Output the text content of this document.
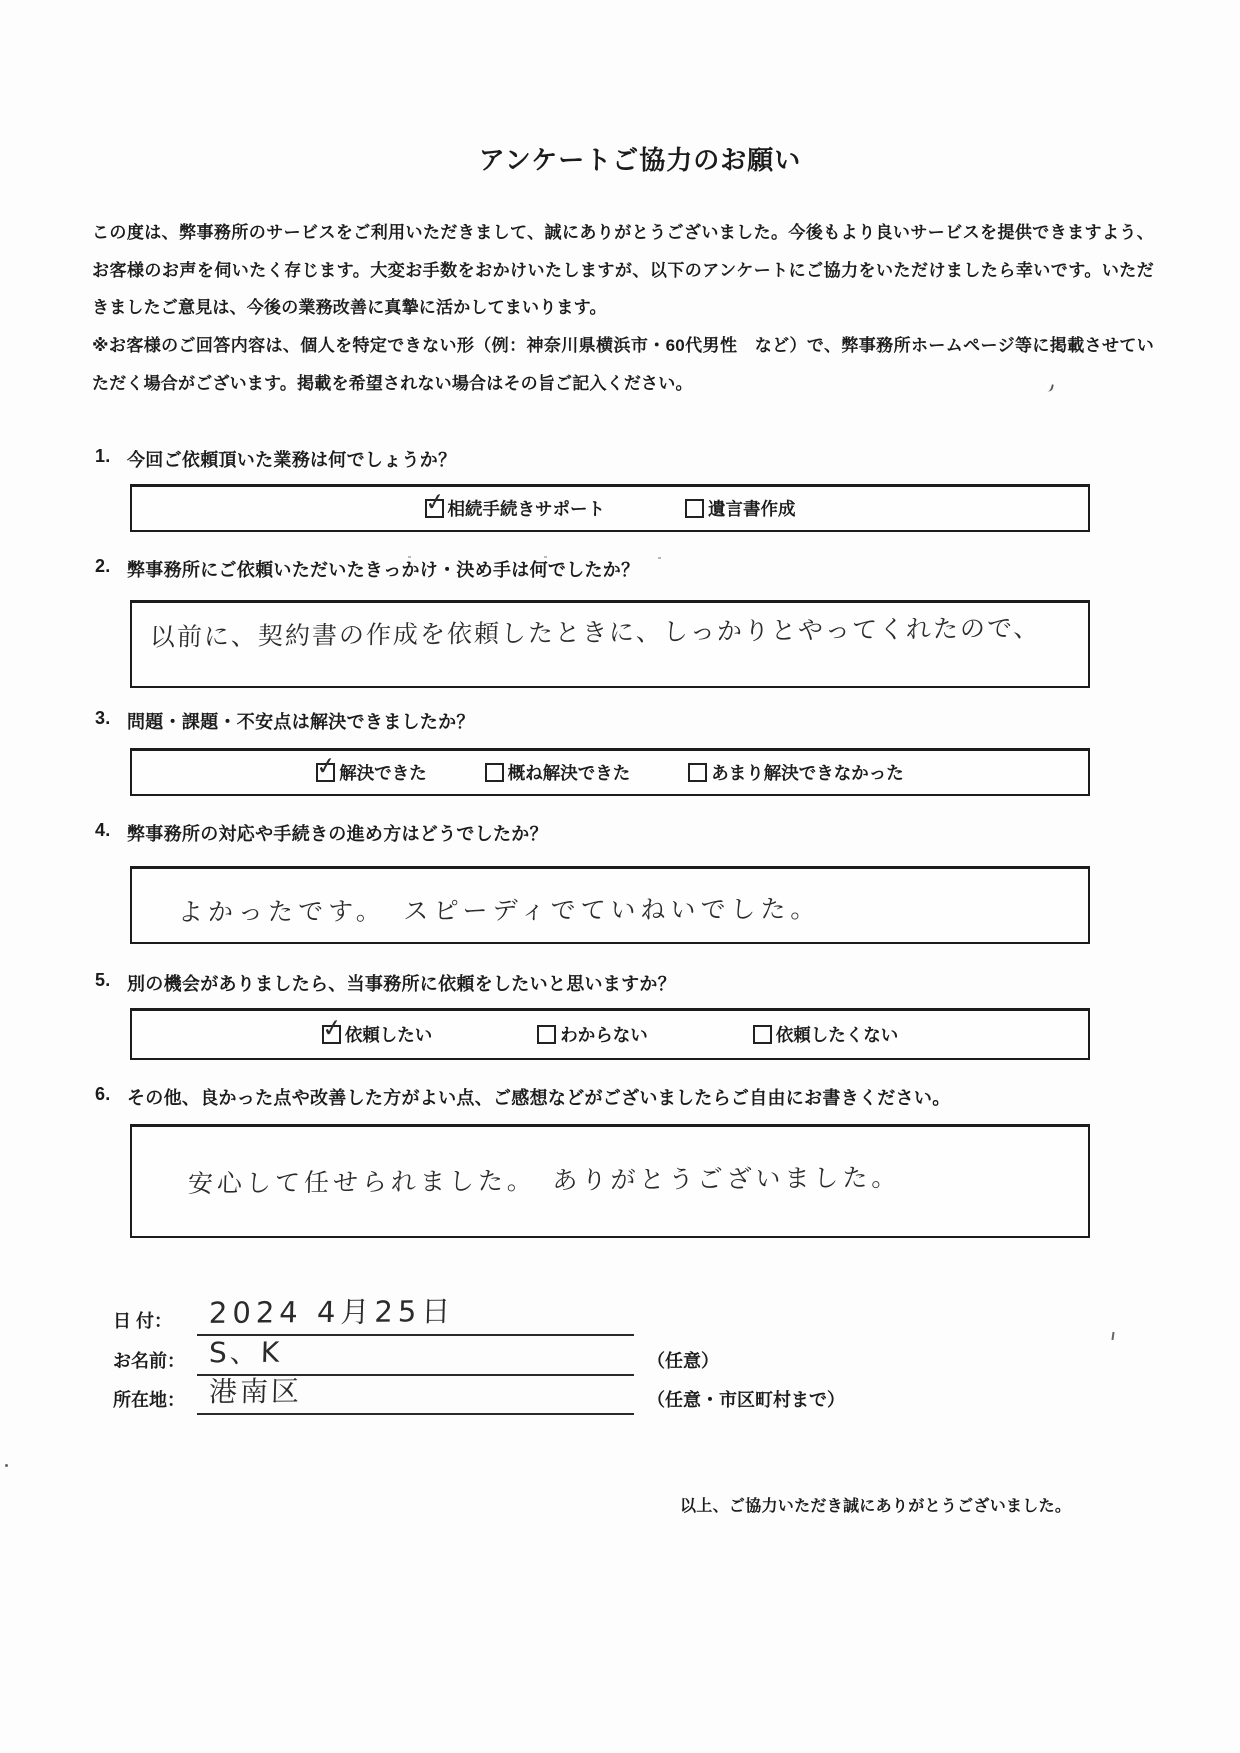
アンケートご協力のお願い
この度は、弊事務所のサービスをご利用いただきまして、誠にありがとうございました。今後もより良いサービスを提供できますよう、お客様のお声を伺いたく存じます。大変お手数をおかけいたしますが、以下のアンケートにご協力をいただけましたら幸いです。いただきましたご意見は、今後の業務改善に真摯に活かしてまいります。
※お客様のご回答内容は、個人を特定できない形（例：神奈川県横浜市・60代男性　など）で、弊事務所ホームページ等に掲載させていただく場合がございます。掲載を希望されない場合はその旨ご記入ください。
1. 今回ご依頼頂いた業務は何でしょうか？
✓ 相続手続きサポート	遺言書作成
2. 弊事務所にご依頼いただいたきっかけ・決め手は何でしたか？
以前に、契約書の作成を依頼したときに、しっかりとやってくれたので、
3. 問題・課題・不安点は解決できましたか？
✓ 解決できた	概ね解決できた	あまり解決できなかった
4. 弊事務所の対応や手続きの進め方はどうでしたか？
よかったです。　スピーディでていねいでした。
5. 別の機会がありましたら、当事務所に依頼をしたいと思いますか？
✓ 依頼したい	わからない	依頼したくない
6. その他、良かった点や改善した方がよい点、ご感想などがございましたらご自由にお書きください。
安心して任せられました。　ありがとうございました。
日 付：	2024 4月25日
お名前： S、K	（任意）
所在地： 港南区	（任意・市区町村まで）
以上、ご協力いただき誠にありがとうございました。
